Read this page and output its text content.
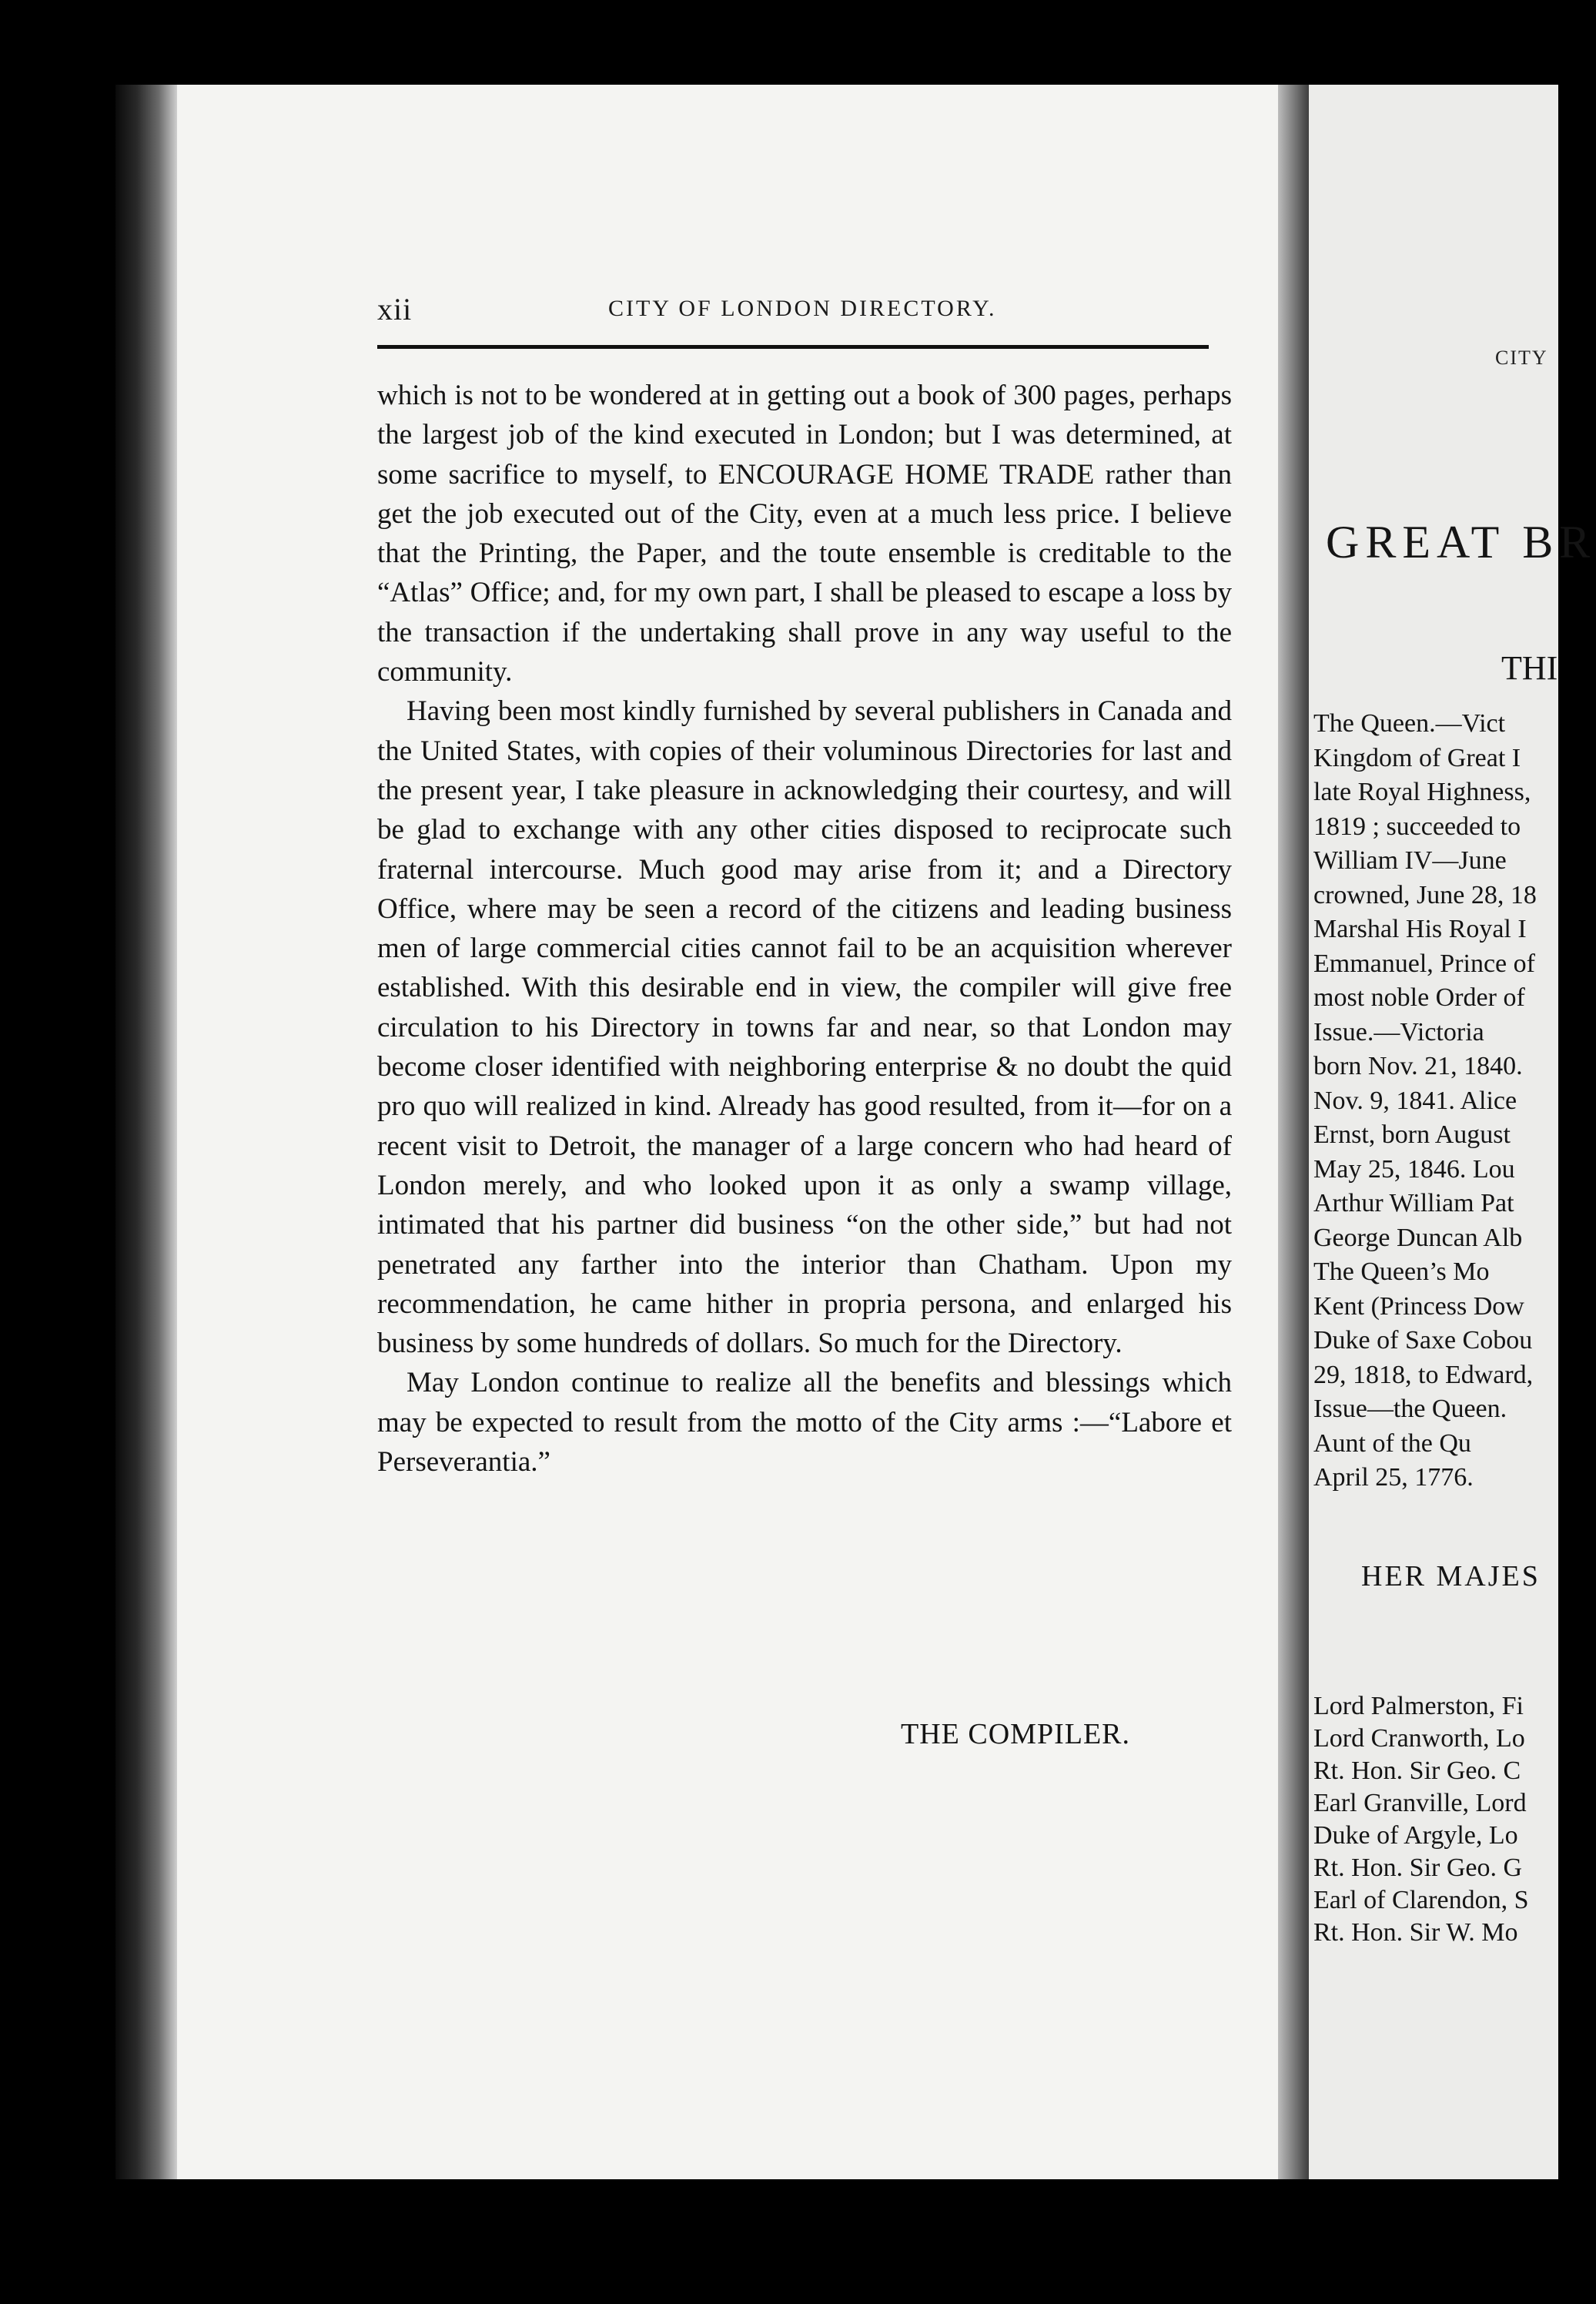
CITY
GREAT BR
THI
The Queen.—Vict
Kingdom of Great I
late Royal Highness,
1819 ; succeeded to
William IV—June
crowned, June 28, 18
Marshal His Royal I
Emmanuel, Prince of
most noble Order of
Issue.—Victoria
born Nov. 21, 1840.
Nov. 9, 1841. Alice
Ernst, born August
May 25, 1846. Lou
Arthur William Pat
George Duncan Alb
The Queen’s Mo
Kent (Princess Dow
Duke of Saxe Cobou
29, 1818, to Edward,
Issue—the Queen.
Aunt of the Qu
April 25, 1776.
HER MAJES
Lord Palmerston, Fi
Lord Cranworth, Lo
Rt. Hon. Sir Geo. C
Earl Granville, Lord
Duke of Argyle, Lo
Rt. Hon. Sir Geo. G
Earl of Clarendon, S
Rt. Hon. Sir W. Mo
xii	CITY OF LONDON DIRECTORY.

which is not to be wondered at in getting out a book of 300 pages, perhaps the largest job of the kind executed in London; but I was determined, at some sacrifice to myself, to ENCOURAGE HOME TRADE rather than get the job executed out of the City, even at a much less price. I believe that the Printing, the Paper, and the toute ensemble is creditable to the “Atlas” Office; and, for my own part, I shall be pleased to escape a loss by the transaction if the undertaking shall prove in any way useful to the community.

Having been most kindly furnished by several publishers in Canada and the United States, with copies of their voluminous Directories for last and the present year, I take pleasure in acknowledging their courtesy, and will be glad to exchange with any other cities disposed to reciprocate such fraternal intercourse. Much good may arise from it; and a Directory Office, where may be seen a record of the citizens and leading business men of large commercial cities cannot fail to be an acquisition wherever established. With this desirable end in view, the compiler will give free circulation to his Directory in towns far and near, so that London may become closer identified with neighboring enterprise & no doubt the quid pro quo will realized in kind. Already has good resulted, from it—for on a recent visit to Detroit, the manager of a large concern who had heard of London merely, and who looked upon it as only a swamp village, intimated that his partner did business “on the other side,” but had not penetrated any farther into the interior than Chatham. Upon my recommendation, he came hither in propria persona, and enlarged his business by some hundreds of dollars. So much for the Directory.

May London continue to realize all the benefits and blessings which may be expected to result from the motto of the City arms :—“Labore et Perseverantia.”

THE COMPILER.
